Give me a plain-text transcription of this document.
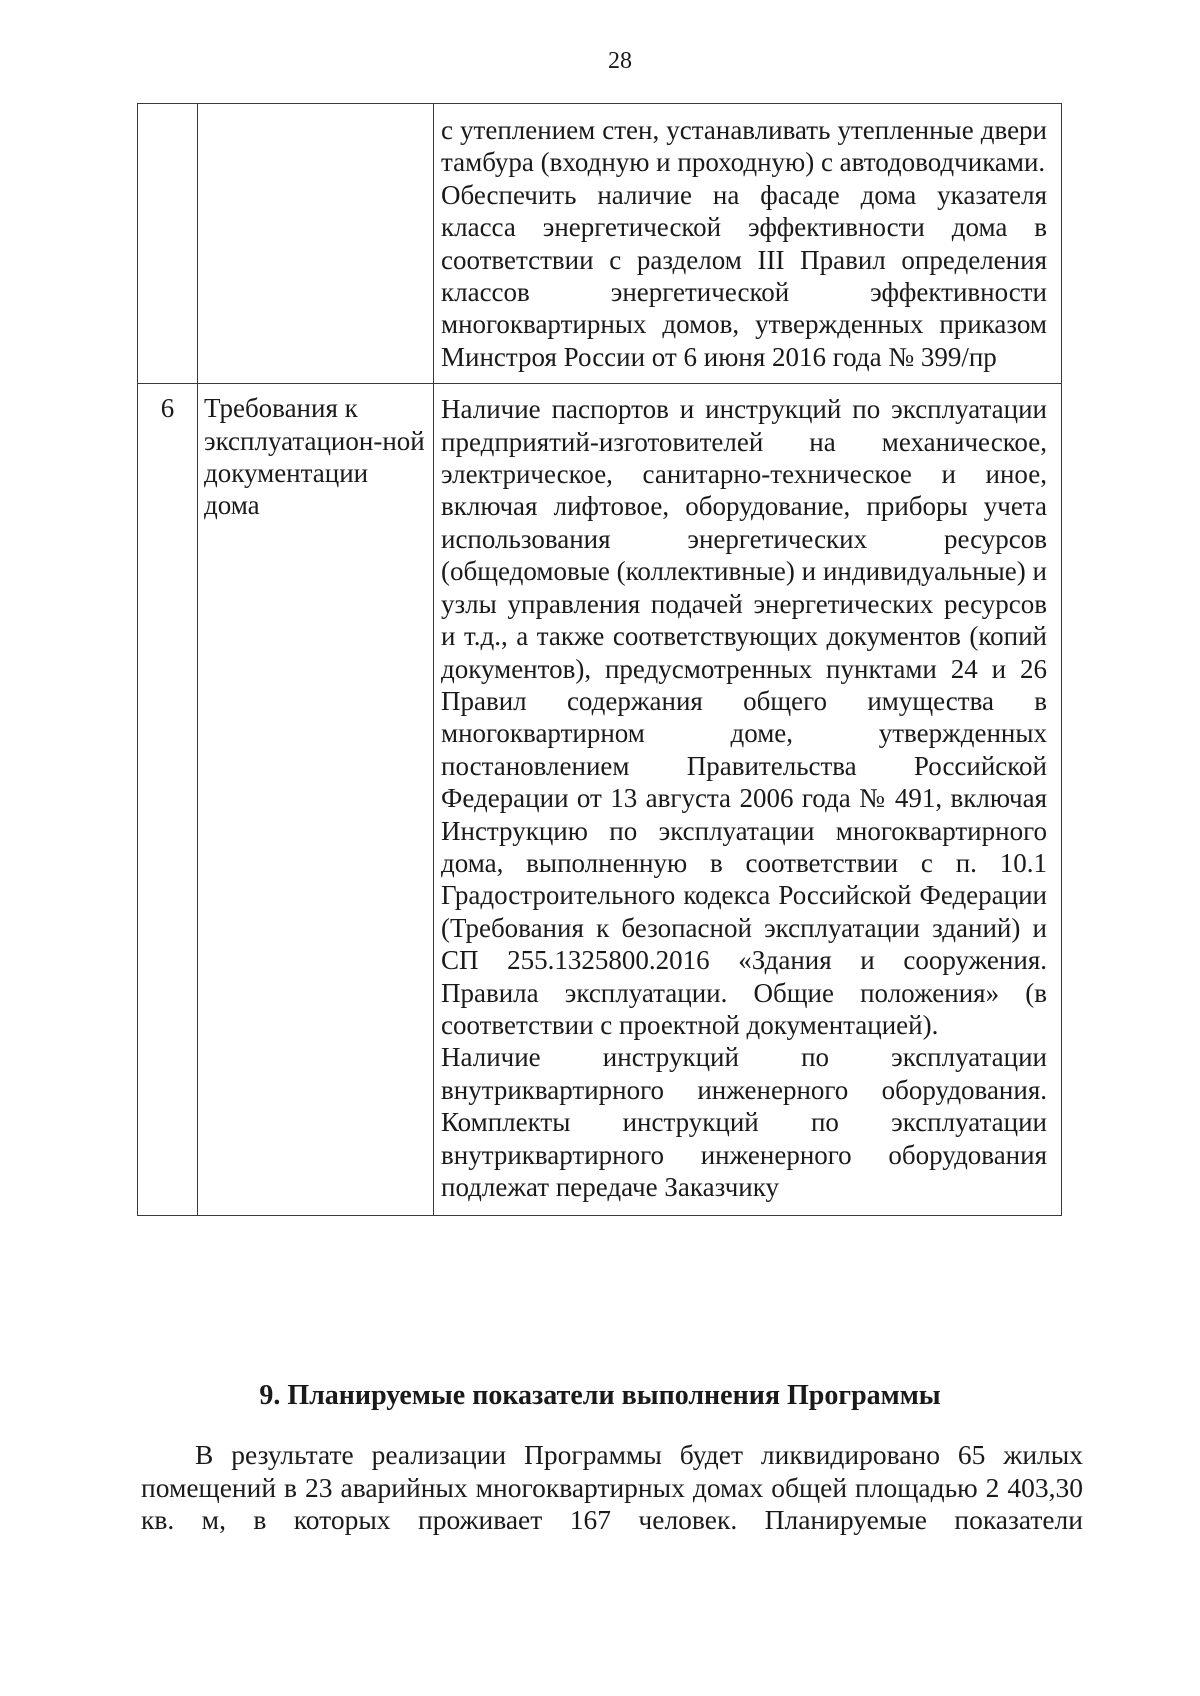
28

		с утеплением стен, устанавливать утепленные двери тамбура (входную и проходную) с автодоводчиками.

Обеспечить наличие на фасаде дома указателя класса энергетической эффективности дома в соответствии с разделом III Правил определения классов энергетической эффективности многоквартирных домов, утвержденных приказом Минстроя России от 6 июня 2016 года № 399/пр

6	Требования к эксплуатацион-ной документации дома	Наличие паспортов и инструкций по эксплуатации предприятий-изготовителей на механическое, электрическое, санитарно-техническое и иное, включая лифтовое, оборудование, приборы учета использования энергетических ресурсов (общедомовые (коллективные) и индивидуальные) и узлы управления подачей энергетических ресурсов и т.д., а также соответствующих документов (копий документов), предусмотренных пунктами 24 и 26 Правил содержания общего имущества в многоквартирном доме, утвержденных постановлением Правительства Российской Федерации от 13 августа 2006 года № 491, включая Инструкцию по эксплуатации многоквартирного дома, выполненную в соответствии с п. 10.1 Градостроительного кодекса Российской Федерации (Требования к безопасной эксплуатации зданий) и СП 255.1325800.2016 «Здания и сооружения. Правила эксплуатации. Общие положения» (в соответствии с проектной документацией).

Наличие инструкций по эксплуатации внутриквартирного инженерного оборудования. Комплекты инструкций по эксплуатации внутриквартирного инженерного оборудования подлежат передаче Заказчику

9. Планируемые показатели выполнения Программы

В результате реализации Программы будет ликвидировано 65 жилых помещений в 23 аварийных многоквартирных домах общей площадью 2 403,30 кв. м, в которых проживает 167 человек. Планируемые показатели
